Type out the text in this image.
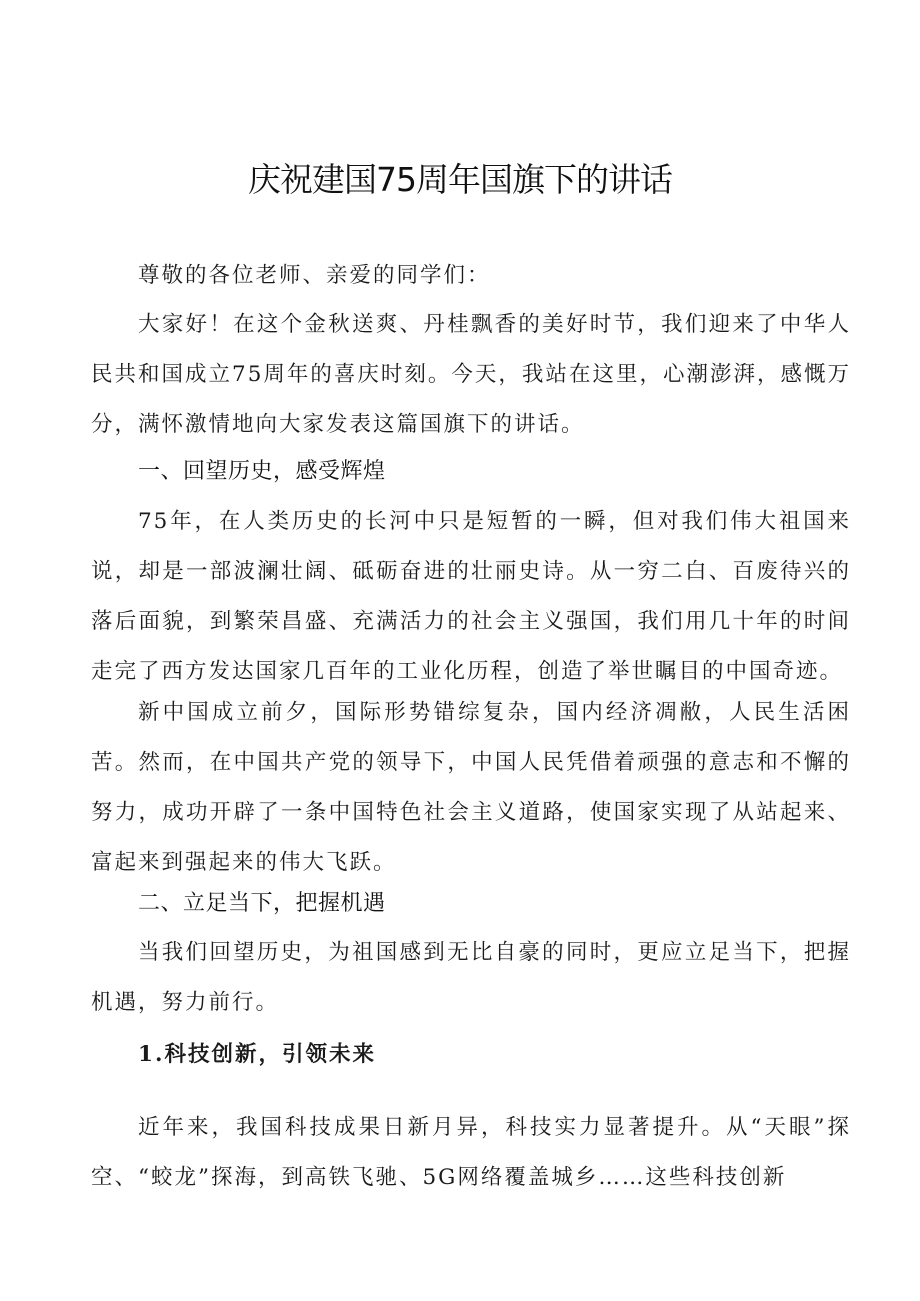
庆祝建国75周年国旗下的讲话

尊敬的各位老师、亲爱的同学们：

大家好！在这个金秋送爽、丹桂飘香的美好时节，我们迎来了中华人民共和国成立75周年的喜庆时刻。今天，我站在这里，心潮澎湃，感慨万分，满怀激情地向大家发表这篇国旗下的讲话。

一、回望历史，感受辉煌

75年，在人类历史的长河中只是短暂的一瞬，但对我们伟大祖国来说，却是一部波澜壮阔、砥砺奋进的壮丽史诗。从一穷二白、百废待兴的落后面貌，到繁荣昌盛、充满活力的社会主义强国，我们用几十年的时间走完了西方发达国家几百年的工业化历程，创造了举世瞩目的中国奇迹。

新中国成立前夕，国际形势错综复杂，国内经济凋敝，人民生活困苦。然而，在中国共产党的领导下，中国人民凭借着顽强的意志和不懈的努力，成功开辟了一条中国特色社会主义道路，使国家实现了从站起来、富起来到强起来的伟大飞跃。

二、立足当下，把握机遇

当我们回望历史，为祖国感到无比自豪的同时，更应立足当下，把握机遇，努力前行。

1.科技创新，引领未来

近年来，我国科技成果日新月异，科技实力显著提升。从“天眼”探空、“蛟龙”探海，到高铁飞驰、5G网络覆盖城乡……这些科技创新
